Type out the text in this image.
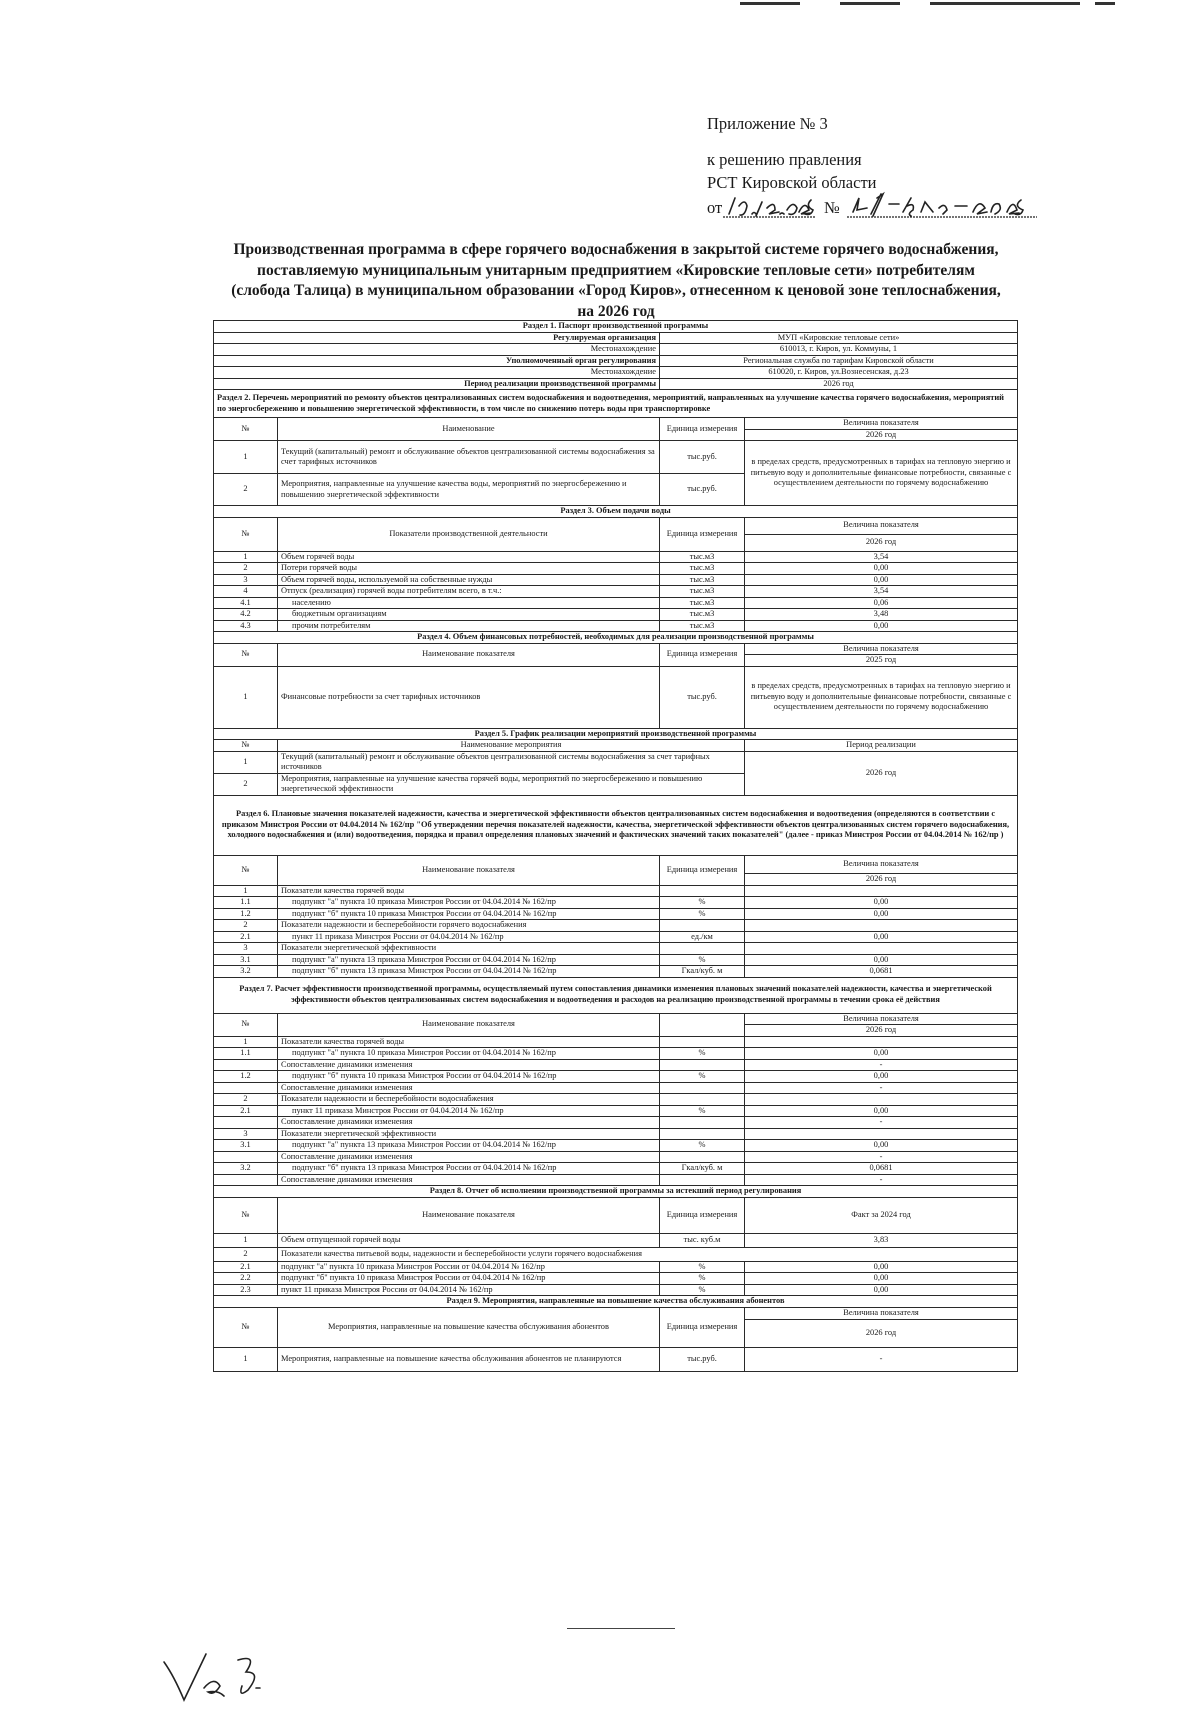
Приложение № 3
к решению правления
РСТ Кировской области
от	№
Производственная программа в сфере горячего водоснабжения в закрытой системе горячего водоснабжения,
поставляемую муниципальным унитарным предприятием «Кировские тепловые сети» потребителям
(слобода Талица) в муниципальном образовании «Город Киров», отнесенном к ценовой зоне теплоснабжения,
на 2026 год
Раздел 1. Паспорт производственной программы			
Регулируемая организация		МУП «Кировские тепловые сети»	
Местонахождение		610013, г. Киров, ул. Коммуны, 1	
Уполномоченный орган регулирования		Региональная служба по тарифам Кировской области	
Местонахождение		610020, г. Киров, ул.Вознесенская, д.23	
Период реализации производственной программы		2026 год	
Раздел 2. Перечень мероприятий по ремонту объектов централизованных систем водоснабжения и водоотведения, мероприятий, направленных на улучшение качества горячего водоснабжения, мероприятий по энергосбережению и повышению энергетической эффективности, в том числе по снижению потерь воды при транспортировке			
№	Наименование	Единица измерения	Величина показателя
			2026 год
1	Текущий (капитальный) ремонт и обслуживание объектов централизованной системы водоснабжения за счет тарифных источников	тыс.руб.	в пределах средств, предусмотренных в тарифах на тепловую энергию и питьевую воду и дополнительные финансовые потребности, связанные с осуществлением деятельности по горячему водоснабжению
2	Мероприятия, направленные на улучшение качества воды, мероприятий по энергосбережению и повышению энергетической эффективности	тыс.руб.	
Раздел 3. Объем подачи воды			
№	Показатели производственной деятельности	Единица измерения	Величина показателя
			2026 год
1	Объем горячей воды	тыс.м3	3,54
2	Потери горячей воды	тыс.м3	0,00
3	Объем горячей воды, используемой на собственные нужды	тыс.м3	0,00
4	Отпуск (реализация) горячей воды потребителям всего, в т.ч.:	тыс.м3	3,54
4.1	населению	тыс.м3	0,06
4.2	бюджетным организациям	тыс.м3	3,48
4.3	прочим потребителям	тыс.м3	0,00
Раздел 4. Объем финансовых потребностей, необходимых для реализации производственной программы			
№	Наименование показателя	Единица измерения	Величина показателя
			2025 год
1	Финансовые потребности за счет тарифных источников	тыс.руб.	в пределах средств, предусмотренных в тарифах на тепловую энергию и питьевую воду и дополнительные финансовые потребности, связанные с осуществлением деятельности по горячему водоснабжению
Раздел 5. График реализации мероприятий производственной программы			
№	Наименование мероприятия		Период реализации
1	Текущий (капитальный) ремонт и обслуживание объектов централизованной системы водоснабжения за счет тарифных источников		2026 год
2	Мероприятия, направленные на улучшение качества горячей воды, мероприятий по энергосбережению и повышению энергетической эффективности		
Раздел 6. Плановые значения показателей надежности, качества и энергетической эффективности объектов централизованных систем водоснабжения и водоотведения (определяются в соответствии с приказом Минстроя России от 04.04.2014 № 162/пр "Об утверждении перечня показателей надежности, качества, энергетической эффективности объектов централизованных систем горячего водоснабжения, холодного водоснабжения и (или) водоотведения, порядка и правил определения плановых значений и фактических значений таких показателей" (далее - приказ Минстроя России от 04.04.2014 № 162/пр )			
№	Наименование показателя	Единица измерения	Величина показателя
			2026 год
1	Показатели качества горячей воды		
1.1	подпункт "а" пункта 10 приказа Минстроя России от 04.04.2014 № 162/пр	%	0,00
1.2	подпункт "б" пункта 10 приказа Минстроя России от 04.04.2014 № 162/пр	%	0,00
2	Показатели надежности и бесперебойности горячего водоснабжения		
2.1	пункт 11 приказа Минстроя России от 04.04.2014 № 162/пр	ед./км	0,00
3	Показатели энергетической эффективности		
3.1	подпункт "а" пункта 13 приказа Минстроя России от 04.04.2014 № 162/пр	%	0,00
3.2	подпункт "б" пункта 13 приказа Минстроя России от 04.04.2014 № 162/пр	Гкал/куб. м	0,0681
Раздел 7. Расчет эффективности производственной программы, осуществляемый путем сопоставления динамики изменения плановых значений показателей надежности, качества и энергетической эффективности объектов централизованных систем водоснабжения и водоотведения и расходов на реализацию производственной программы в течении срока её действия			
№	Наименование показателя		Величина показателя
			2026 год
1	Показатели качества горячей воды		
1.1	подпункт "а" пункта 10 приказа Минстроя России от 04.04.2014 № 162/пр	%	0,00
	Сопоставление динамики изменения		-
1.2	подпункт "б" пункта 10 приказа Минстроя России от 04.04.2014 № 162/пр	%	0,00
	Сопоставление динамики изменения		-
2	Показатели надежности и бесперебойности водоснабжения		
2.1	пункт 11 приказа Минстроя России от 04.04.2014 № 162/пр	%	0,00
	Сопоставление динамики изменения		-
3	Показатели энергетической эффективности		
3.1	подпункт "а" пункта 13 приказа Минстроя России от 04.04.2014 № 162/пр	%	0,00
	Сопоставление динамики изменения		-
3.2	подпункт "б" пункта 13 приказа Минстроя России от 04.04.2014 № 162/пр	Гкал/куб. м	0,0681
	Сопоставление динамики изменения		-
Раздел 8. Отчет об исполнении производственной программы за истекший период регулирования			
№	Наименование показателя	Единица измерения	Факт за 2024 год
1	Объем отпущенной горячей воды	тыс. куб.м	3,83
2	Показатели качества питьевой воды, надежности и бесперебойности услуги горячего водоснабжения		
2.1	подпункт "а" пункта 10 приказа Минстроя России от 04.04.2014 № 162/пр	%	0,00
2.2	подпункт "б" пункта 10 приказа Минстроя России от 04.04.2014 № 162/пр	%	0,00
2.3	пункт 11 приказа Минстроя России от 04.04.2014 № 162/пр	%	0,00
Раздел 9. Мероприятия, направленные на повышение качества обслуживания абонентов			
№	Мероприятия, направленные на повышение качества обслуживания абонентов	Единица измерения	Величина показателя
			2026 год
1	Мероприятия, направленные на повышение качества обслуживания абонентов не планируются	тыс.руб.	-
